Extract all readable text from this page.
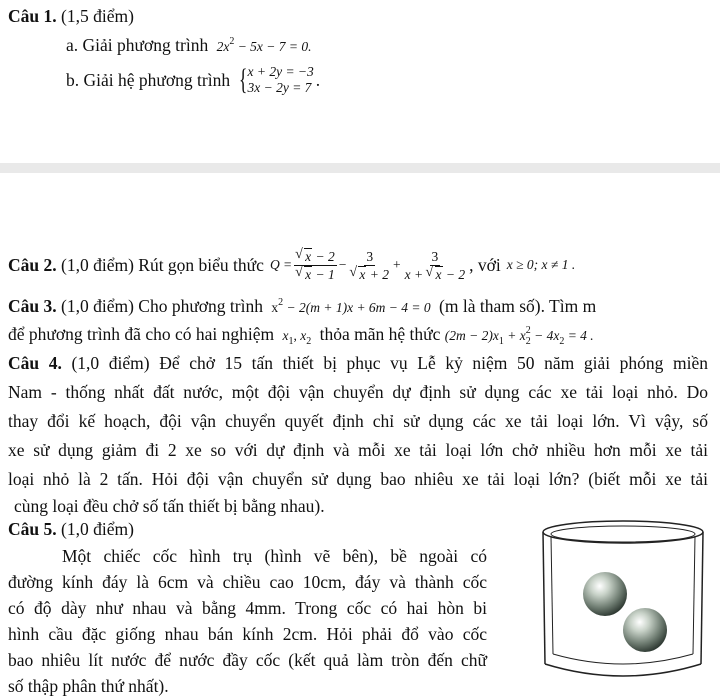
Câu 1. (1,5 điểm)
a. Giải phương trình $2x^2 - 5x - 7 = 0$.
b. Giải hệ phương trình { x + 2y = −3
3x − 2y = 7 .
Câu 2.
(1,0 điểm) Rút gọn biểu thức Q = √ x − 2
√ x − 1 − 3
√ $x + 2 + \frac{3}{x + √ x - 2}$ , với x ≥ 0; x ≠ 1 .
Câu 3. (1,0 điểm) Cho phương trình $x^2 - 2(m + 1)x + 6m - 4 = 0$ (m là tham số). Tìm m
để phương trình đã cho có hai nghiệm $x_1$, $x_2$ thỏa mãn hệ thức $(2m - 2)x_1 + x_2^2 - 4x_2 = 4$ .
Câu 4. (1,0 điểm) Để chở 15 tấn thiết bị phục vụ Lễ kỷ niệm 50 năm giải phóng miền
Nam - thống nhất đất nước, một đội vận chuyển dự định sử dụng các xe tải loại nhỏ. Do
thay đổi kế hoạch, đội vận chuyển quyết định chỉ sử dụng các xe tải loại lớn. Vì vậy, số
xe sử dụng giảm đi 2 xe so với dự định và mỗi xe tải loại lớn chở nhiều hơn mỗi xe tải
loại nhỏ là 2 tấn. Hỏi đội vận chuyển sử dụng bao nhiêu xe tải loại lớn? (biết mỗi xe tải
cùng loại đều chở số tấn thiết bị bằng nhau).
Câu 5. (1,0 điểm)
Một chiếc cốc hình trụ (hình vẽ bên), bề ngoài có
đường kính đáy là 6cm và chiều cao 10cm, đáy và thành cốc
có độ dày như nhau và bằng 4mm. Trong cốc có hai hòn bi
hình cầu đặc giống nhau bán kính 2cm. Hỏi phải đổ vào cốc
bao nhiêu lít nước để nước đầy cốc (kết quả làm tròn đến chữ
số thập phân thứ nhất).
